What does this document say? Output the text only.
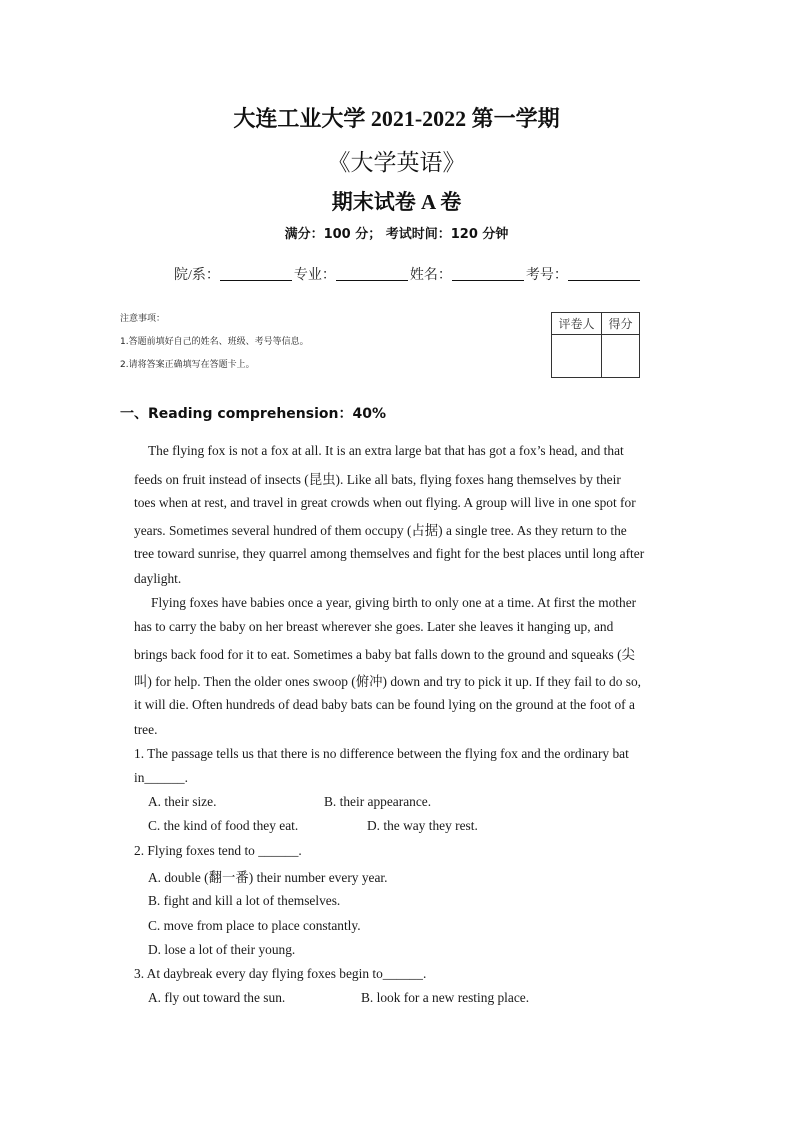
大连工业大学 2021-2022 第一学期
《大学英语》
期末试卷 A 卷
满分：100 分； 考试时间：120 分钟
院/系：	专业：	姓名：	考号：
注意事项：
1.答题前填好自己的姓名、班级、考号等信息。
2.请将答案正确填写在答题卡上。
评卷人	得分

一、Reading comprehension：40%
The flying fox is not a fox at all. It is an extra large bat that has got a fox’s head, and that
feeds on fruit instead of insects (昆虫). Like all bats, flying foxes hang themselves by their
toes when at rest, and travel in great crowds when out flying. A group will live in one spot for
years. Sometimes several hundred of them occupy (占据) a single tree. As they return to the
tree toward sunrise, they quarrel among themselves and fight for the best places until long after
daylight.
Flying foxes have babies once a year, giving birth to only one at a time. At first the mother
has to carry the baby on her breast wherever she goes. Later she leaves it hanging up, and
brings back food for it to eat. Sometimes a baby bat falls down to the ground and squeaks (尖
叫) for help. Then the older ones swoop (俯冲) down and try to pick it up. If they fail to do so,
it will die. Often hundreds of dead baby bats can be found lying on the ground at the foot of a
tree.
1. The passage tells us that there is no difference between the flying fox and the ordinary bat
in______.
A. their size.	B. their appearance.
C. the kind of food they eat.	D. the way they rest.
2. Flying foxes tend to ______.
A. double (翻一番) their number every year.
B. fight and kill a lot of themselves.
C. move from place to place constantly.
D. lose a lot of their young.
3. At daybreak every day flying foxes begin to______.
A. fly out toward the sun.	B. look for a new resting place.
